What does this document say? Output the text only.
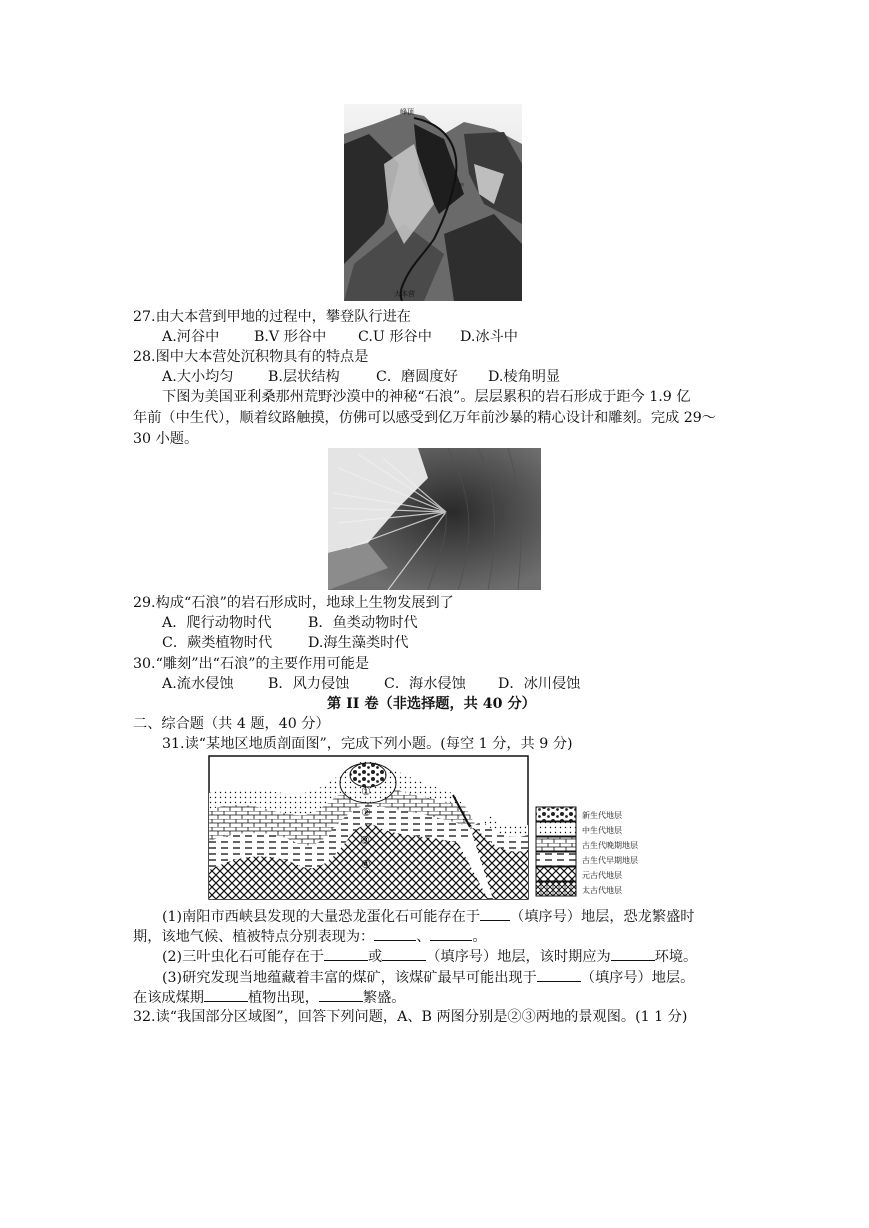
峰顶
甲
大本营
27.由大本营到甲地的过程中，攀登队行进在
A.河谷中 B.V 形谷中 C.U 形谷中 D.冰斗中
28.图中大本营处沉积物具有的特点是
A.大小均匀 B.层状结构	C．磨圆度好 D.棱角明显
下图为美国亚利桑那州荒野沙漠中的神秘“石浪”。层层累积的岩石形成于距今 1.9 亿
年前（中生代），顺着纹路触摸，仿佛可以感受到亿万年前沙暴的精心设计和雕刻。完成 29～
30 小题。
29.构成“石浪”的岩石形成时，地球上生物发展到了
A．爬行动物时代	B．鱼类动物时代
C．蕨类植物时代	D.海生藻类时代
30.“雕刻”出“石浪”的主要作用可能是
A.流水侵蚀 B．风力侵蚀 C．海水侵蚀 D．冰川侵蚀
第 II 卷（非选择题，共 40 分）
二、综合题（共 4 题，40 分）
31.读“某地区地质剖面图”，完成下列小题。(每空 1 分，共 9 分)
①
②
③
④
新生代地层
中生代地层
古生代晚期地层
古生代早期地层
元古代地层
太古代地层
(1)南阳市西峡县发现的大量恐龙蛋化石可能存在于 （填序号）地层，恐龙繁盛时
期，该地气候、植被特点分别表现为：	、	。
(2)三叶虫化石可能存在于	或	（填序号）地层，该时期应为	环境。
(3)研究发现当地蕴藏着丰富的煤矿，该煤矿最早可能出现于	（填序号）地层。
在该成煤期	植物出现，	繁盛。
32.读“我国部分区域图”，回答下列问题，A、B 两图分别是②③两地的景观图。(1 1 分)
